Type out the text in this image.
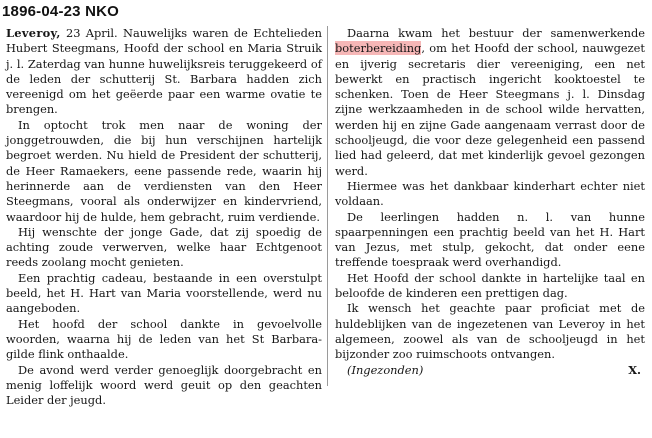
1896-04-23 NKO

Leveroy, 23 April. Nauwelijks waren de Echtelieden Hubert Steegmans, Hoofd der school en Maria Struik j. l. Zaterdag van hunne huwelijksreis teruggekeerd of de leden der schutterij St. Barbara hadden zich vereenigd om het geëerde paar een warme ovatie te brengen.

In optocht trok men naar de woning der jonggetrouwden, die bij hun verschijnen hartelijk begroet werden. Nu hield de President der schutterij, de Heer Ramaekers, eene passende rede, waarin hij herinnerde aan de verdiensten van den Heer Steegmans, vooral als onderwijzer en kindervriend, waardoor hij de hulde, hem gebracht, ruim verdiende.

Hij wenschte der jonge Gade, dat zij spoedig de achting zoude verwerven, welke haar Echtgenoot reeds zoolang mocht genieten.

Een prachtig cadeau, bestaande in een overstulpt beeld, het H. Hart van Maria voorstellende, werd nu aangeboden.

Het hoofd der school dankte in gevoelvolle woorden, waarna hij de leden van het St Barbara-gilde flink onthaalde.

De avond werd verder genoeglijk doorgebracht en menig loffelijk woord werd geuit op den geachten Leider der jeugd.

Daarna kwam het bestuur der samenwerkende boterbereiding, om het Hoofd der school, nauwgezet en ijverig secretaris dier vereeniging, een net bewerkt en practisch ingericht kooktoestel te schenken. Toen de Heer Steegmans j. l. Dinsdag zijne werkzaamheden in de school wilde hervatten, werden hij en zijne Gade aangenaam verrast door de schooljeugd, die voor deze gelegenheid een passend lied had geleerd, dat met kinderlijk gevoel gezongen werd.

Hiermee was het dankbaar kinderhart echter niet voldaan.

De leerlingen hadden n. l. van hunne spaarpenningen een prachtig beeld van het H. Hart van Jezus, met stulp, gekocht, dat onder eene treffende toespraak werd overhandigd.

Het Hoofd der school dankte in hartelijke taal en beloofde de kinderen een prettigen dag.

Ik wensch het geachte paar proficiat met de huldeblijken van de ingezetenen van Leveroy in het algemeen, zoowel als van de schooljeugd in het bijzonder zoo ruimschoots ontvangen.

(Ingezonden)	X.
